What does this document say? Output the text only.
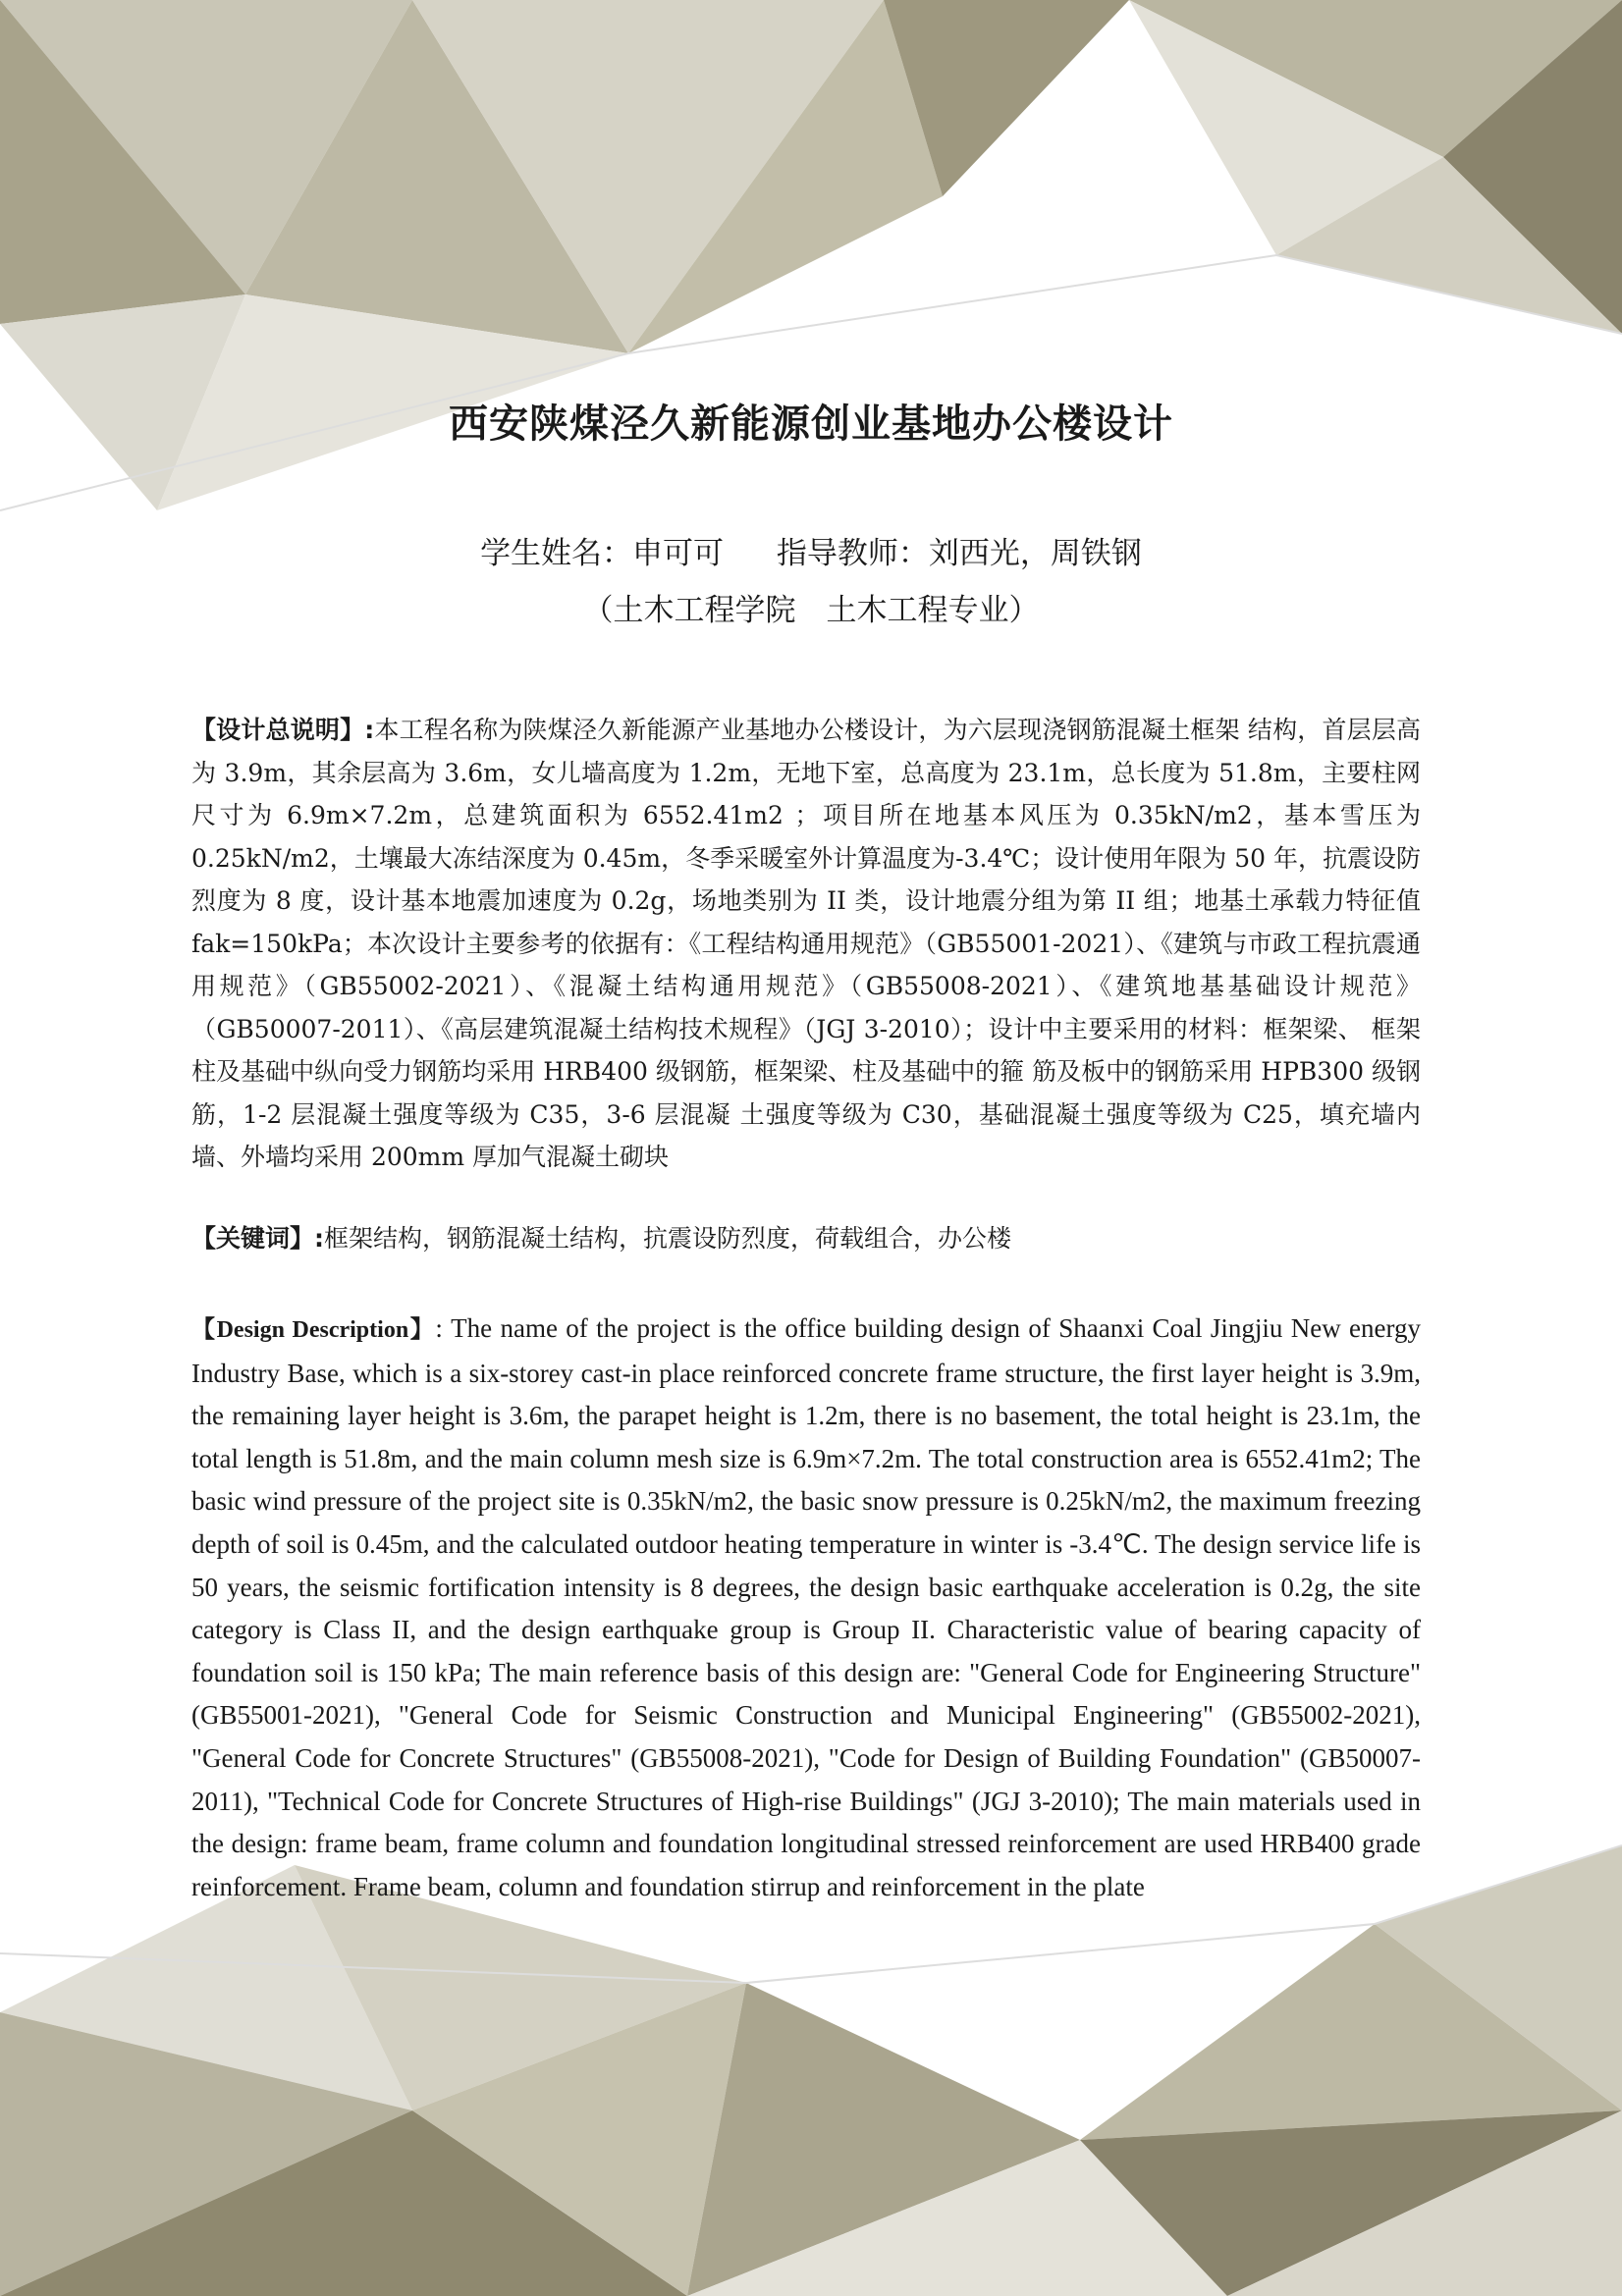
西安陕煤泾久新能源创业基地办公楼设计
学生姓名：申可可 指导教师：刘西光，周铁钢
（土木工程学院　土木工程专业）
【设计总说明】:本工程名称为陕煤泾久新能源产业基地办公楼设计，为六层现浇钢筋混凝土框架 结构，首层层高为 3.9m，其余层高为 3.6m，女儿墙高度为 1.2m，无地下室，总高度为 23.1m，总长度为 51.8m，主要柱网尺寸为 6.9m×7.2m，总建筑面积为 6552.41m2 ；项目所在地基本风压为 0.35kN/m2，基本雪压为 0.25kN/m2，土壤最大冻结深度为 0.45m，冬季采暖室外计算温度为-3.4℃；设计使用年限为 50 年，抗震设防烈度为 8 度，设计基本地震加速度为 0.2g，场地类别为 II 类，设计地震分组为第 II 组；地基土承载力特征值 fak=150kPa；本次设计主要参考的依据有：《工程结构通用规范》（GB55001-2021）、《建筑与市政工程抗震通用规范》（GB55002-2021）、《混凝土结构通用规范》（GB55008-2021）、《建筑地基基础设计规范》（GB50007-2011）、《高层建筑混凝土结构技术规程》（JGJ 3-2010）；设计中主要采用的材料：框架梁、 框架柱及基础中纵向受力钢筋均采用 HRB400 级钢筋，框架梁、柱及基础中的箍 筋及板中的钢筋采用 HPB300 级钢筋，1-2 层混凝土强度等级为 C35，3-6 层混凝 土强度等级为 C30，基础混凝土强度等级为 C25，填充墙内墙、外墙均采用 200mm 厚加气混凝土砌块
【关键词】:框架结构，钢筋混凝土结构，抗震设防烈度，荷载组合，办公楼
【Design Description】: The name of the project is the office building design of Shaanxi Coal Jingjiu New energy Industry Base, which is a six-storey cast-in place reinforced concrete frame structure, the first layer height is 3.9m, the remaining layer height is 3.6m, the parapet height is 1.2m, there is no basement, the total height is 23.1m, the total length is 51.8m, and the main column mesh size is 6.9m×7.2m. The total construction area is 6552.41m2; The basic wind pressure of the project site is 0.35kN/m2, the basic snow pressure is 0.25kN/m2, the maximum freezing depth of soil is 0.45m, and the calculated outdoor heating temperature in winter is -3.4℃. The design service life is 50 years, the seismic fortification intensity is 8 degrees, the design basic earthquake acceleration is 0.2g, the site category is Class II, and the design earthquake group is Group II. Characteristic value of bearing capacity of foundation soil is 150 kPa; The main reference basis of this design are: "General Code for Engineering Structure" (GB55001-2021), "General Code for Seismic Construction and Municipal Engineering" (GB55002-2021), "General Code for Concrete Structures" (GB55008-2021), "Code for Design of Building Foundation" (GB50007-2011), "Technical Code for Concrete Structures of High-rise Buildings" (JGJ 3-2010); The main materials used in the design: frame beam, frame column and foundation longitudinal stressed reinforcement are used HRB400 grade reinforcement. Frame beam, column and foundation stirrup and reinforcement in the plate
